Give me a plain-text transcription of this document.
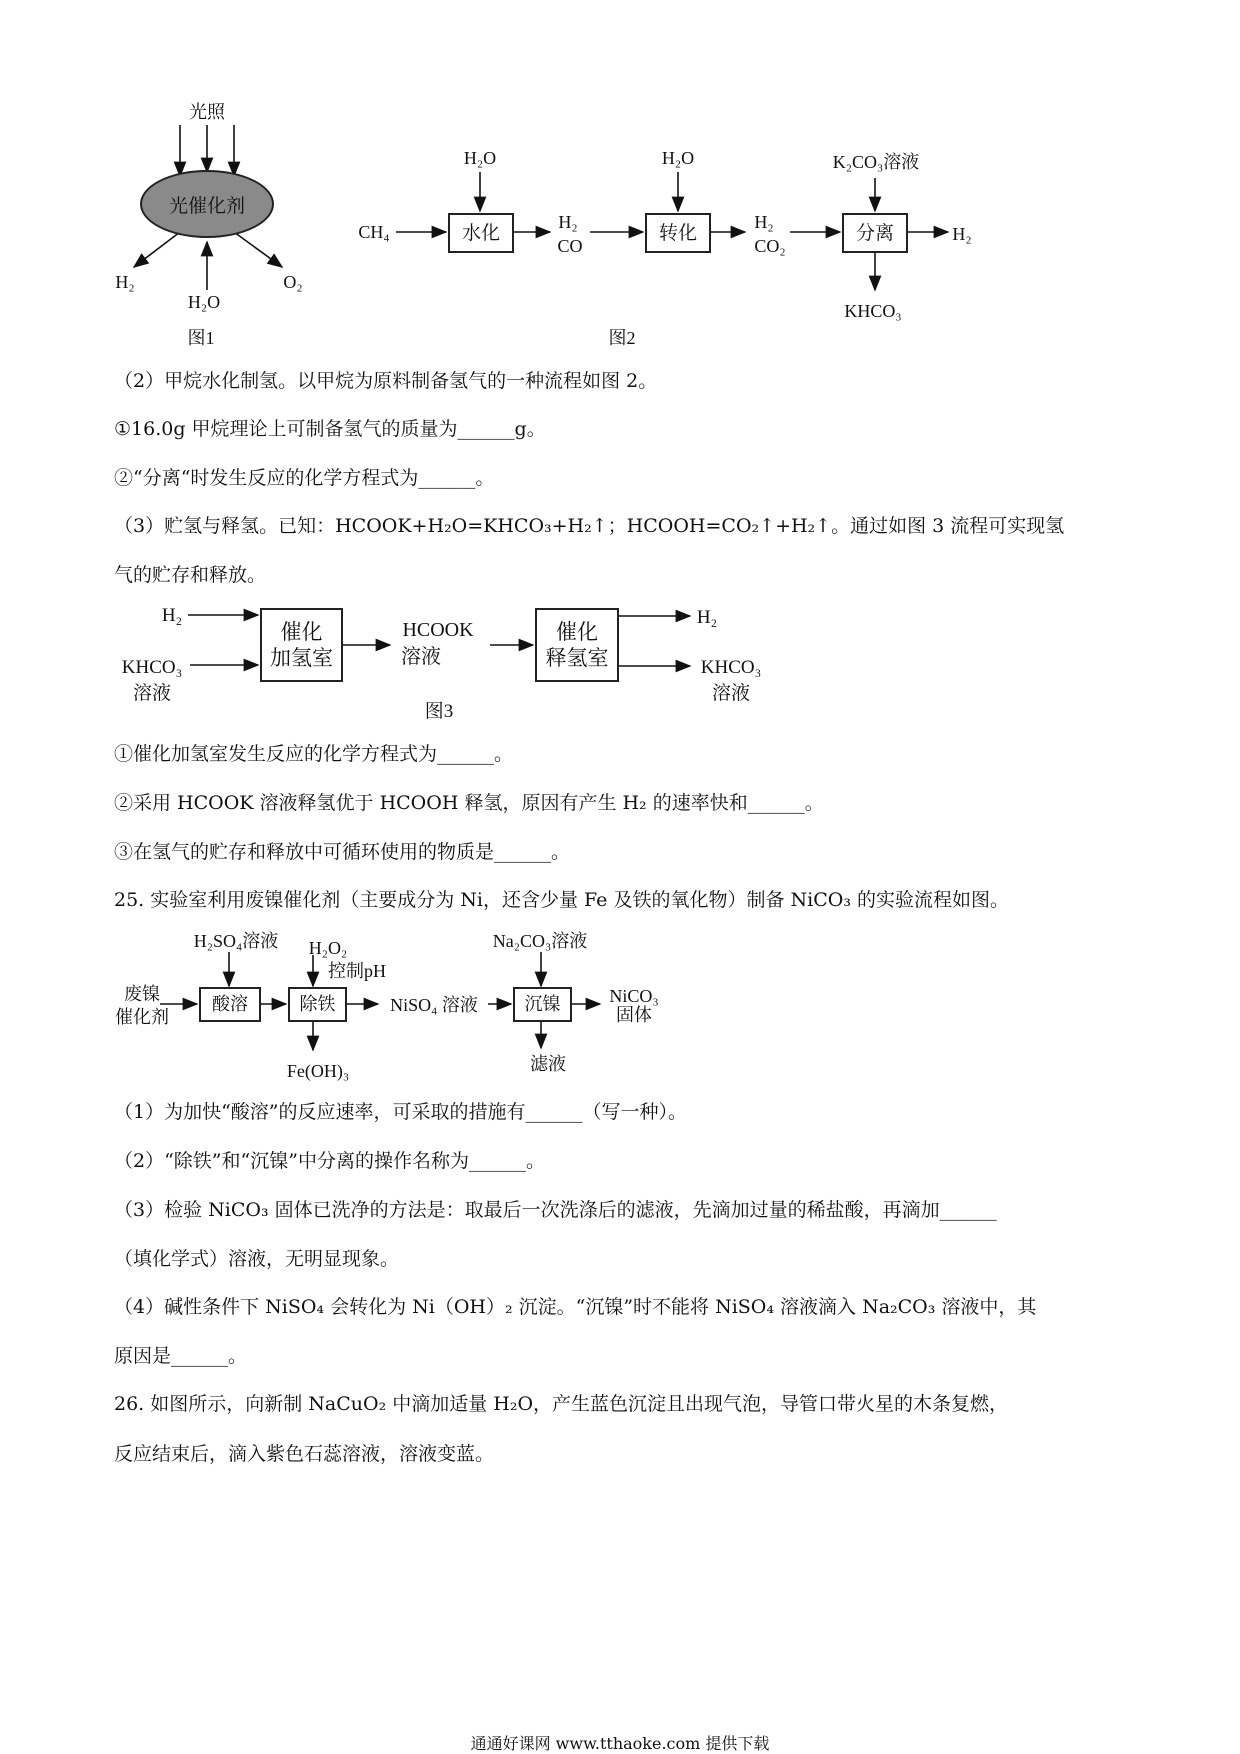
光照
光催化剂
H₂
H₂O
O₂
图1
CH₄
H₂O
水化	H₂
CO
H₂O
转化	H₂
CO₂
K₂CO₃溶液
分离	H₂
KHCO₃
图2
（2）甲烷水化制氢。以甲烷为原料制备氢气的一种流程如图 2。
①16.0g 甲烷理论上可制备氢气的质量为______g。
②“分离“时发生反应的化学方程式为______。
（3）贮氢与释氢。已知：HCOOK+H₂O=KHCO₃+H₂↑；HCOOH=CO₂↑+H₂↑。通过如图 3 流程可实现氢
气的贮存和释放。
H₂
KHCO₃
溶液
催化
加氢室
HCOOK
溶液
催化
释氢室
H₂
KHCO₃
溶液
图3
①催化加氢室发生反应的化学方程式为______。
②采用 HCOOK 溶液释氢优于 HCOOH 释氢，原因有产生 H₂ 的速率快和______。
③在氢气的贮存和释放中可循环使用的物质是______。
25. 实验室利用废镍催化剂（主要成分为 Ni，还含少量 Fe 及铁的氧化物）制备 NiCO₃ 的实验流程如图。
废镍
催化剂
H₂SO₄溶液
酸溶
H₂O₂
控制pH
除铁
Fe(OH)₃
NiSO₄ 溶液
Na₂CO₃溶液
沉镍
滤液
NiCO₃
固体
（1）为加快“酸溶”的反应速率，可采取的措施有______（写一种）。
（2）“除铁”和“沉镍”中分离的操作名称为______。
（3）检验 NiCO₃ 固体已洗净的方法是：取最后一次洗涤后的滤液，先滴加过量的稀盐酸，再滴加______
（填化学式）溶液，无明显现象。
（4）碱性条件下 NiSO₄ 会转化为 Ni（OH）₂ 沉淀。“沉镍”时不能将 NiSO₄ 溶液滴入 Na₂CO₃ 溶液中，其
原因是______。
26. 如图所示，向新制 NaCuO₂ 中滴加适量 H₂O，产生蓝色沉淀且出现气泡，导管口带火星的木条复燃，
反应结束后，滴入紫色石蕊溶液，溶液变蓝。
通通好课网 www.tthaoke.com 提供下载
